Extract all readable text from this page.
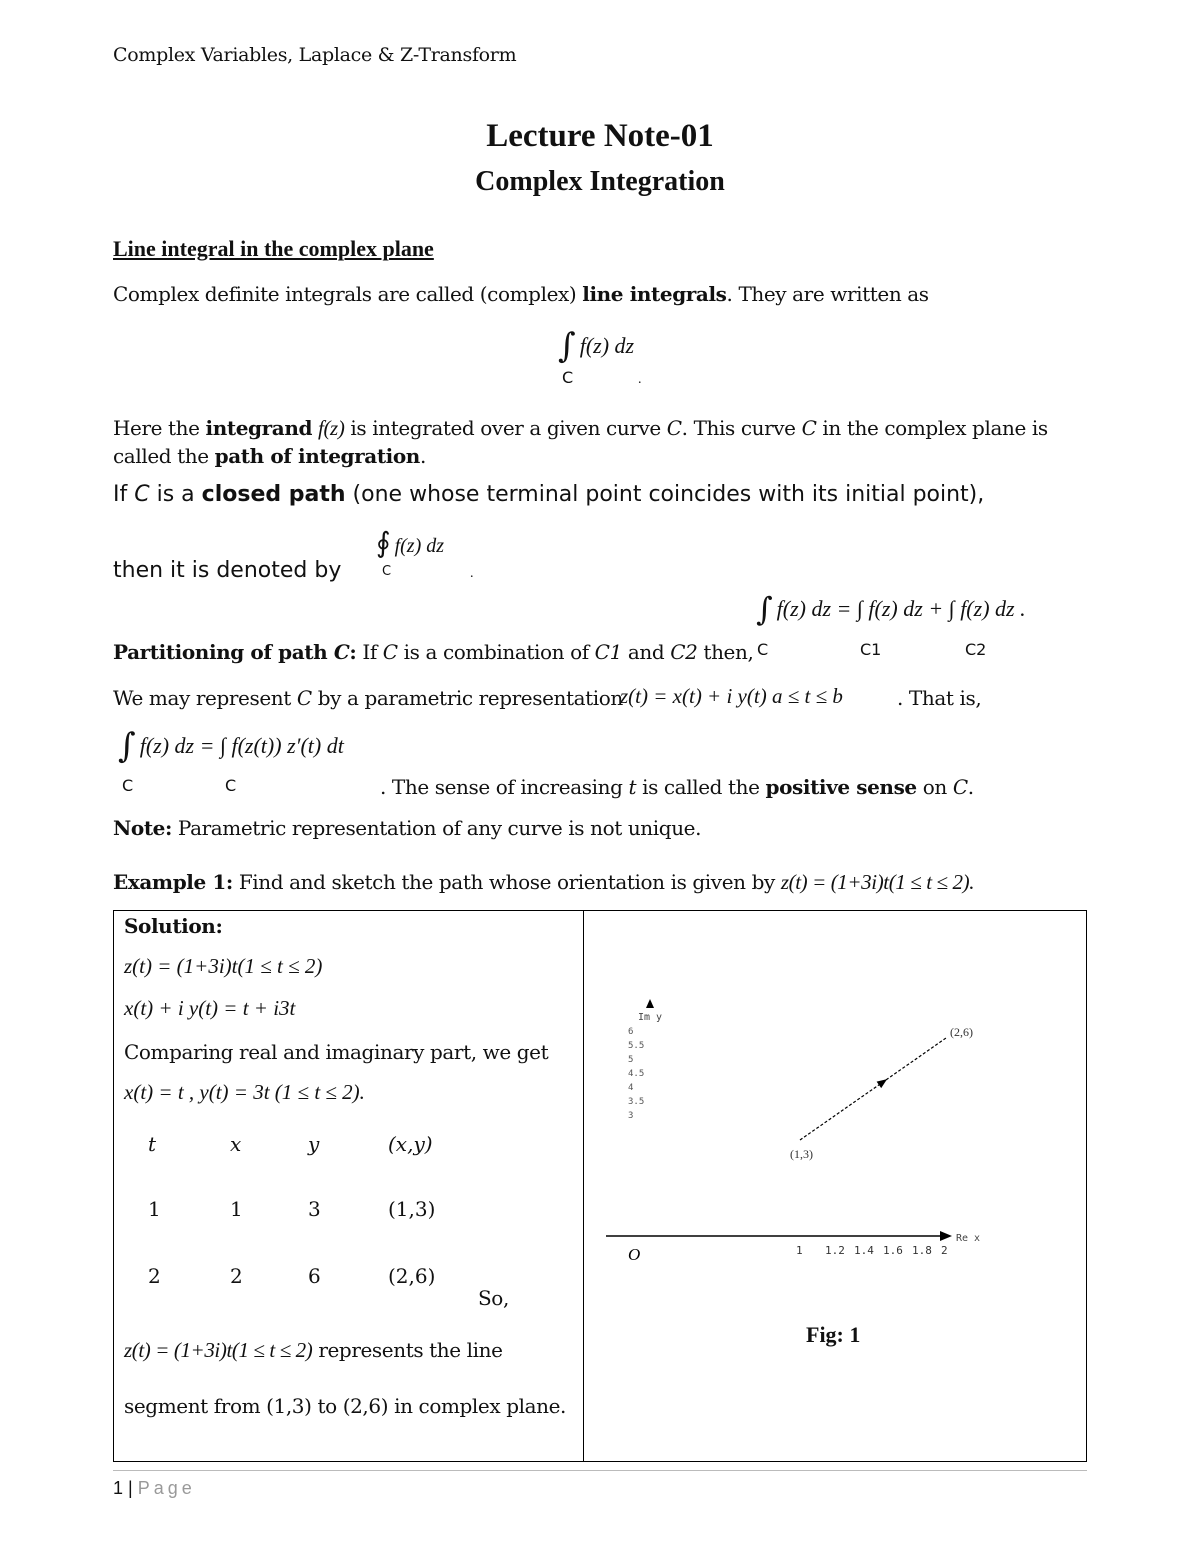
Complex Variables, Laplace & Z-Transform
Lecture Note-01
Complex Integration
Line integral in the complex plane
Complex definite integrals are called (complex) line integrals. They are written as
∫ f(z) dz
C	.
Here the integrand f(z) is integrated over a given curve C. This curve C in the complex plane is
called the path of integration.
If C is a closed path (one whose terminal point coincides with its initial point),
then it is denoted by
∮ f(z) dz
C	.
∫ f(z) dz = ∫ f(z) dz + ∫ f(z) dz .
C	C1	C2
Partitioning of path C: If C is a combination of C1 and C2 then,
We may represent C by a parametric representation
z(t) = x(t) + i y(t) a ≤ t ≤ b	. That is,
∫ f(z) dz = ∫ f(z(t)) z′(t) dt
C	C	. The sense of increasing t is called the positive sense on C.
Note: Parametric representation of any curve is not unique.
Example 1: Find and sketch the path whose orientation is given by z(t) = (1+3i)t(1 ≤ t ≤ 2).
Solution:
z(t) = (1+3i)t(1 ≤ t ≤ 2)
x(t) + i y(t) = t + i3t
Comparing real and imaginary part, we get
x(t) = t , y(t) = 3t (1 ≤ t ≤ 2).
t	x	y	(x,y)
1	1	3	(1,3)
2	2	6	(2,6)
So,
z(t) = (1+3i)t(1 ≤ t ≤ 2) represents the line
segment from (1,3) to (2,6) in complex plane.
6
5.5
5
4.5
4
3.5
3
Im y
(1,3)
(2,6)
Re x
O	1 1.2 1.4 1.6 1.8 2
Fig: 1
1 | Page
